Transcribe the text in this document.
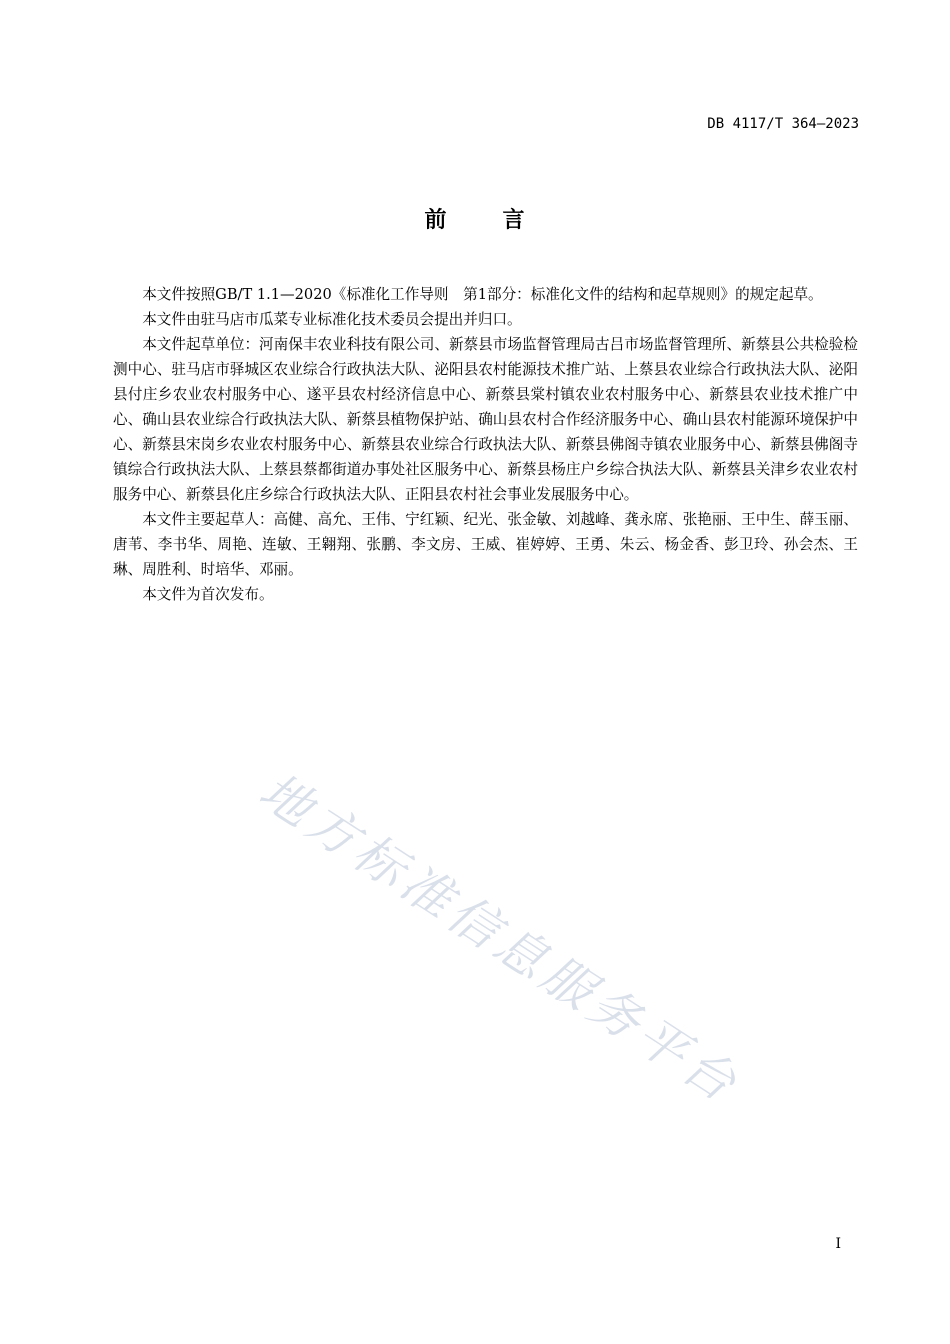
DB 4117/T 364—2023
前言

本文件按照GB/T 1.1—2020《标准化工作导则　第1部分：标准化文件的结构和起草规则》的规定起草。

本文件由驻马店市瓜菜专业标准化技术委员会提出并归口。

本文件起草单位：河南保丰农业科技有限公司、新蔡县市场监督管理局古吕市场监督管理所、新蔡县公共检验检测中心、驻马店市驿城区农业综合行政执法大队、泌阳县农村能源技术推广站、上蔡县农业综合行政执法大队、泌阳县付庄乡农业农村服务中心、遂平县农村经济信息中心、新蔡县棠村镇农业农村服务中心、新蔡县农业技术推广中心、确山县农业综合行政执法大队、新蔡县植物保护站、确山县农村合作经济服务中心、确山县农村能源环境保护中心、新蔡县宋岗乡农业农村服务中心、新蔡县农业综合行政执法大队、新蔡县佛阁寺镇农业服务中心、新蔡县佛阁寺镇综合行政执法大队、上蔡县蔡都街道办事处社区服务中心、新蔡县杨庄户乡综合执法大队、新蔡县关津乡农业农村服务中心、新蔡县化庄乡综合行政执法大队、正阳县农村社会事业发展服务中心。

本文件主要起草人：高健、高允、王伟、宁红颖、纪光、张金敏、刘越峰、龚永席、张艳丽、王中生、薛玉丽、唐苇、李书华、周艳、连敏、王翱翔、张鹏、李文房、王威、崔婷婷、王勇、朱云、杨金香、彭卫玲、孙会杰、王琳、周胜利、时培华、邓丽。

本文件为首次发布。

地方标准信息服务平台
I
